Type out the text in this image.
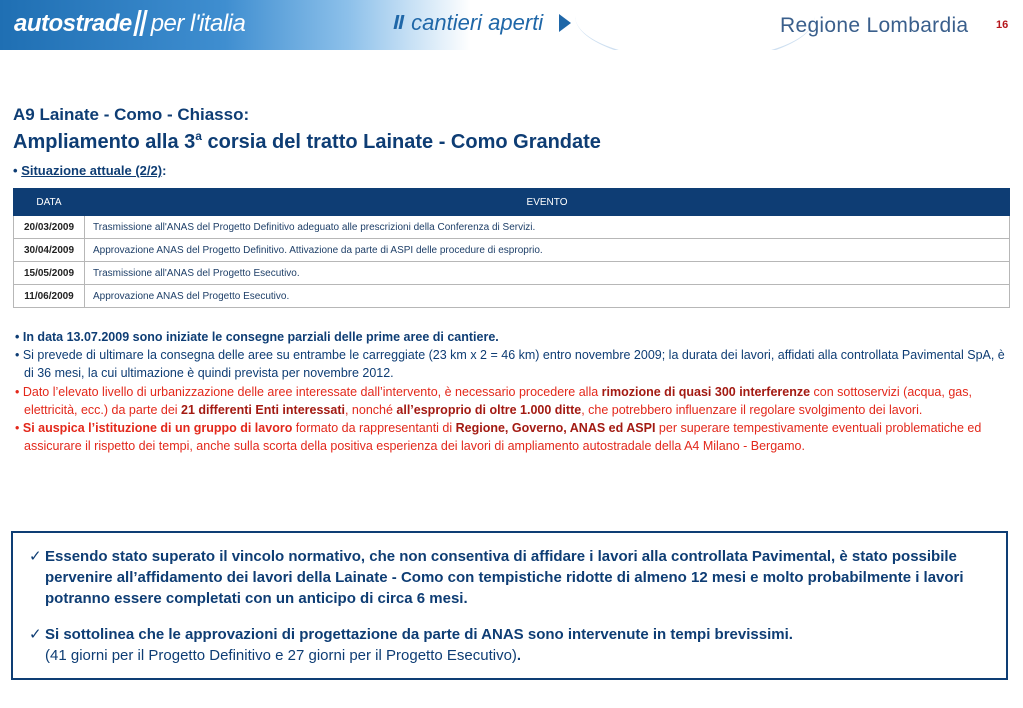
autostrade per l'italia	cantieri aperti	Regione Lombardia	16
A9 Lainate - Como - Chiasso:
Ampliamento alla 3$^a$ corsia del tratto Lainate - Como Grandate
• Situazione attuale (2/2):
DATA	EVENTO
20/03/2009	Trasmissione all'ANAS del Progetto Definitivo adeguato alle prescrizioni della Conferenza di Servizi.
30/04/2009	Approvazione ANAS del Progetto Definitivo. Attivazione da parte di ASPI delle procedure di esproprio.
15/05/2009	Trasmissione all'ANAS del Progetto Esecutivo.
11/06/2009	Approvazione ANAS del Progetto Esecutivo.

• In data 13.07.2009 sono iniziate le consegne parziali delle prime aree di cantiere.

• Si prevede di ultimare la consegna delle aree su entrambe le carreggiate (23 km x 2 = 46 km) entro novembre 2009; la durata dei lavori, affidati alla controllata Pavimental SpA, è di 36 mesi, la cui ultimazione è quindi prevista per novembre 2012.

• Dato l’elevato livello di urbanizzazione delle aree interessate dall’intervento, è necessario procedere alla rimozione di quasi 300 interferenze con sottoservizi (acqua, gas, elettricità, ecc.) da parte dei 21 differenti Enti interessati, nonché all’esproprio di oltre 1.000 ditte, che potrebbero influenzare il regolare svolgimento dei lavori.

• Si auspica l’istituzione di un gruppo di lavoro formato da rappresentanti di Regione, Governo, ANAS ed ASPI per superare tempestivamente eventuali problematiche ed assicurare il rispetto dei tempi, anche sulla scorta della positiva esperienza dei lavori di ampliamento autostradale della A4 Milano - Bergamo.

✓ Essendo stato superato il vincolo normativo, che non consentiva di affidare i lavori alla controllata Pavimental, è stato possibile pervenire all’affidamento dei lavori della Lainate - Como con tempistiche ridotte di almeno 12 mesi e molto probabilmente i lavori potranno essere completati con un anticipo di circa 6 mesi.
✓ Si sottolinea che le approvazioni di progettazione da parte di ANAS sono intervenute in tempi brevissimi.
(41 giorni per il Progetto Definitivo e 27 giorni per il Progetto Esecutivo).
